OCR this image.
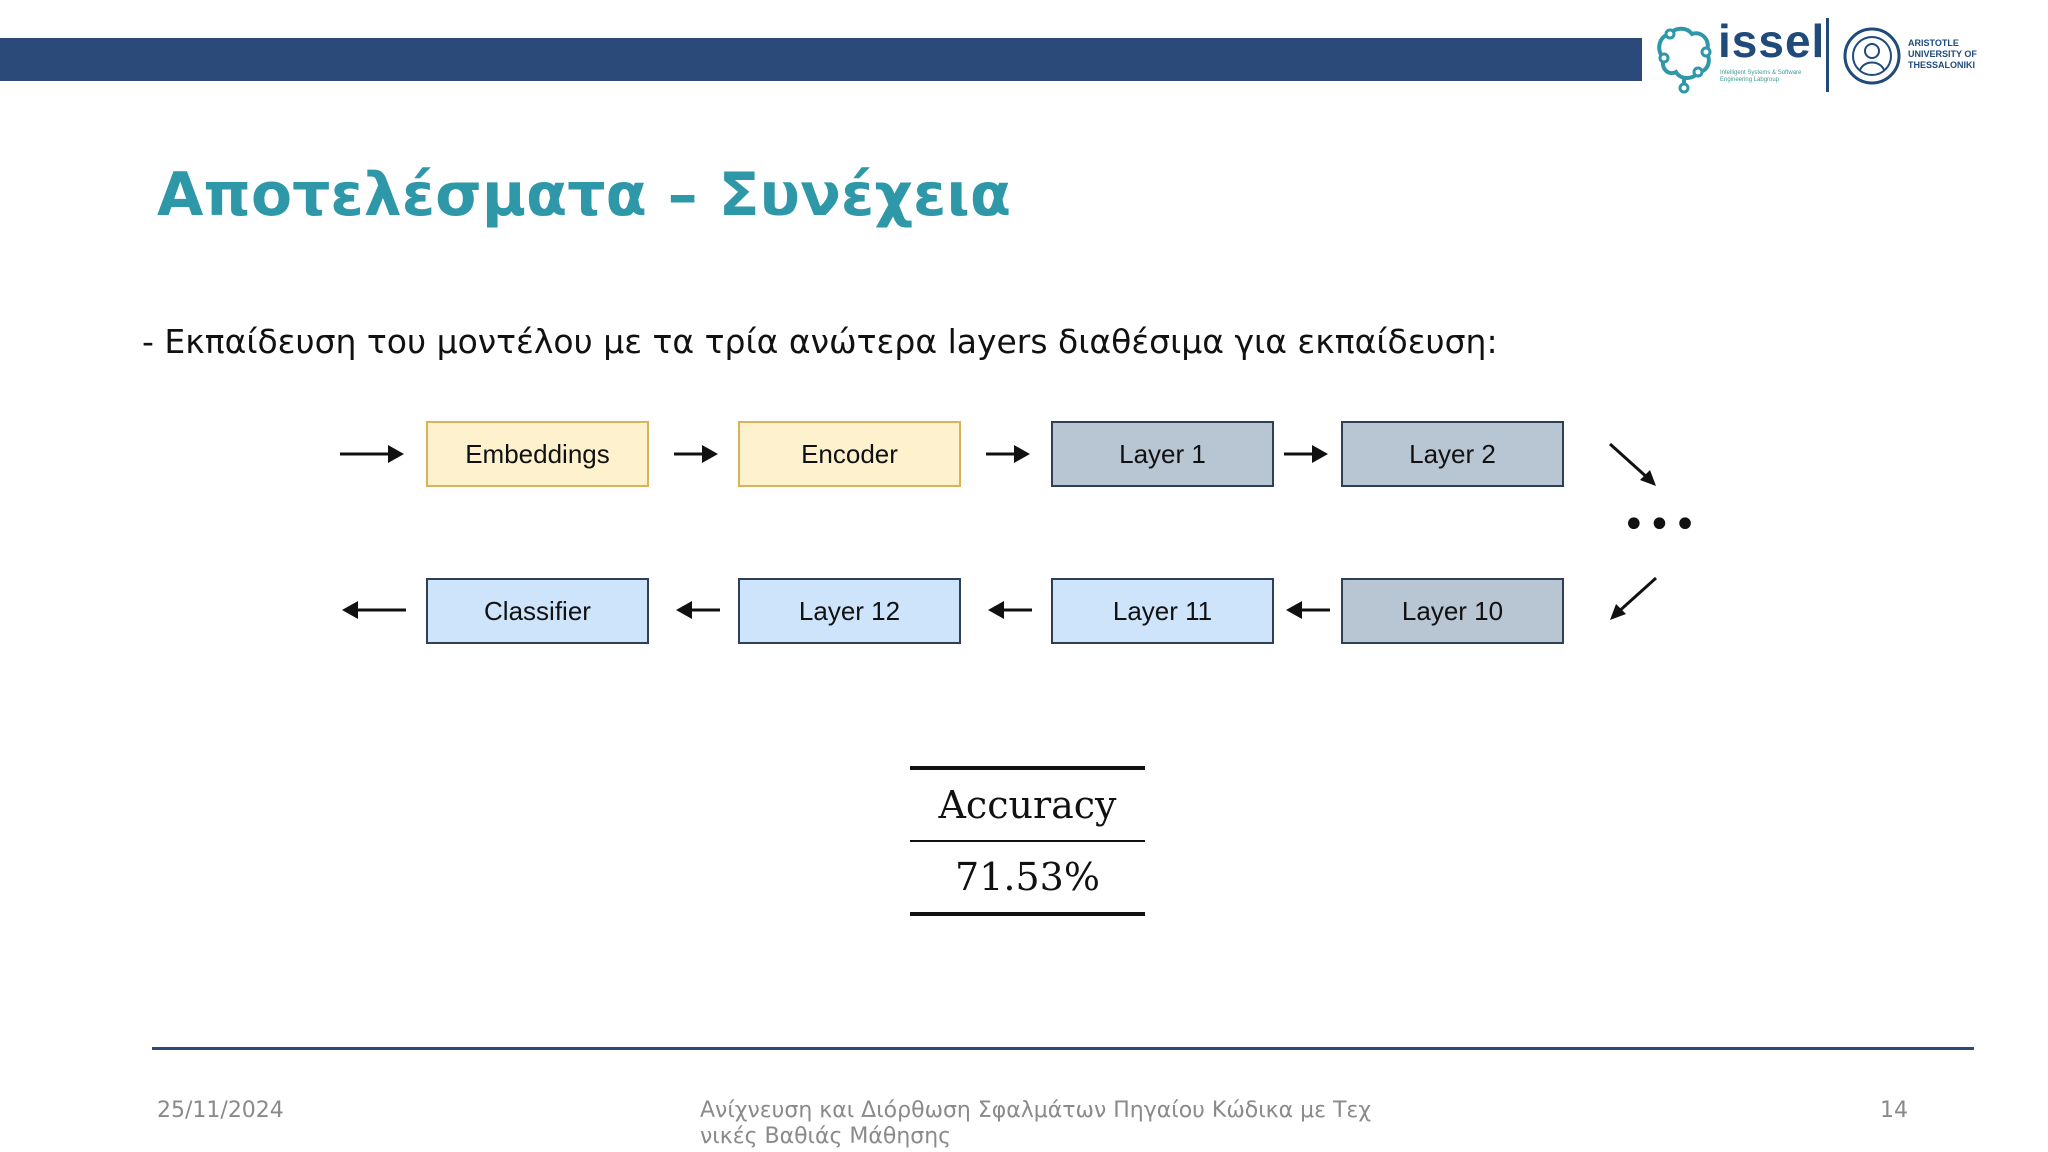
issel
Intelligent Systems & Software Engineering Labgroup
ARISTOTLE UNIVERSITY OF THESSALONIKI
Αποτελέσματα – Συνέχεια

- Εκπαίδευση του μοντέλου με τα τρία ανώτερα layers διαθέσιμα για εκπαίδευση:

Embeddings	Encoder	Layer 1	Layer 2
•••
Layer 10
Layer 11
Layer 12
Classifier
Accuracy
71.53%
25/11/2024	Ανίχνευση και Διόρθωση Σφαλμάτων Πηγαίου Κώδικα με Τεχνικές Βαθιάς Μάθησης
14
